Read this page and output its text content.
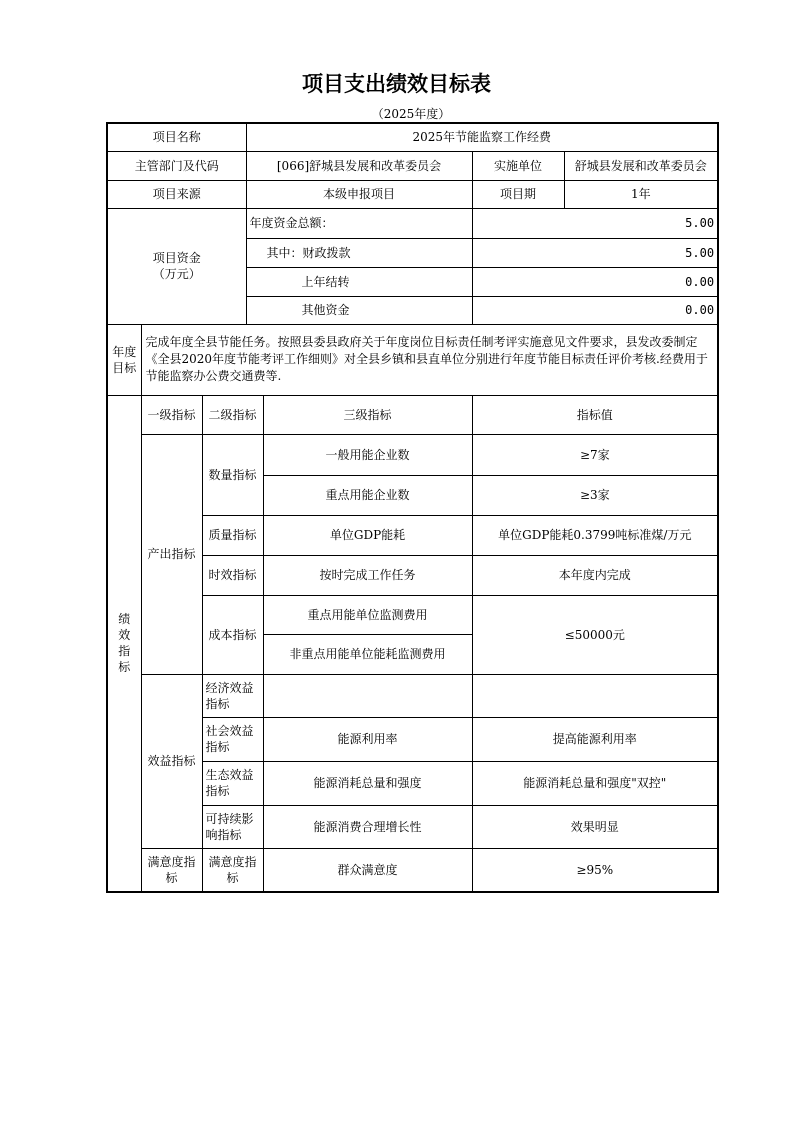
项目支出绩效目标表
（2025年度）
项目名称			2025年节能监察工作经费			
主管部门及代码			[066]舒城县发展和改革委员会		实施单位	舒城县发展和改革委员会
项目来源			本级申报项目		项目期	1年

项目资金
（万元）			年度资金总额：		5.00	
			其中：财政拨款		5.00	
			上年结转		0.00	
			其他资金		0.00	
年度目标	完成年度全县节能任务。按照县委县政府关于年度岗位目标责任制考评实施意见文件要求，县发改委制定《全县2020年度节能考评工作细则》对全县乡镇和县直单位分别进行年度节能目标责任评价考核.经费用于节能监察办公费交通费等.					
绩效指标	一级指标	二级指标		三级指标	指标值	
	产出指标	数量指标		一般用能企业数	≥7家	
				重点用能企业数	≥3家	
		质量指标		单位GDP能耗	单位GDP能耗0.3799吨标准煤/万元	
		时效指标		按时完成工作任务	本年度内完成	
		成本指标		重点用能单位监测费用	≤50000元	
				非重点用能单位能耗监测费用		
	效益指标	经济效益指标				
		社会效益指标		能源利用率	提高能源利用率	
		生态效益指标		能源消耗总量和强度	能源消耗总量和强度"双控"	
		可持续影响指标		能源消费合理增长性	效果明显	
	满意度指标	满意度指标		群众满意度	≥95%	
